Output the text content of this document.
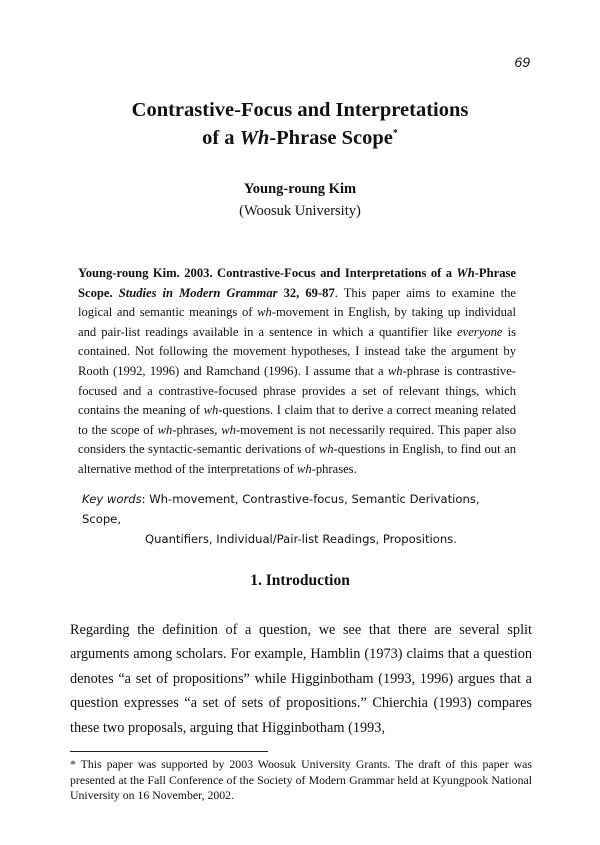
69
Contrastive-Focus and Interpretations
of a Wh-Phrase Scope*
Young-roung Kim
(Woosuk University)
Young-roung Kim. 2003. Contrastive-Focus and Interpretations of a Wh-Phrase Scope. Studies in Modern Grammar 32, 69-87. This paper aims to examine the logical and semantic meanings of wh-movement in English, by taking up individual and pair-list readings available in a sentence in which a quantifier like everyone is contained. Not following the movement hypotheses, I instead take the argument by Rooth (1992, 1996) and Ramchand (1996). I assume that a wh-phrase is contrastive-focused and a contrastive-focused phrase provides a set of relevant things, which contains the meaning of wh-questions. I claim that to derive a correct meaning related to the scope of wh-phrases, wh-movement is not necessarily required. This paper also considers the syntactic-semantic derivations of wh-questions in English, to find out an alternative method of the interpretations of wh-phrases.
Key words: Wh-movement, Contrastive-focus, Semantic Derivations, Scope,
Quantifiers, Individual/Pair-list Readings, Propositions.
1. Introduction
Regarding the definition of a question, we see that there are several split arguments among scholars. For example, Hamblin (1973) claims that a question denotes “a set of propositions” while Higginbotham (1993, 1996) argues that a question expresses “a set of sets of propositions.” Chierchia (1993) compares these two proposals, arguing that Higginbotham (1993,
* This paper was supported by 2003 Woosuk University Grants. The draft of this paper was presented at the Fall Conference of the Society of Modern Grammar held at Kyungpook National University on 16 November, 2002.
